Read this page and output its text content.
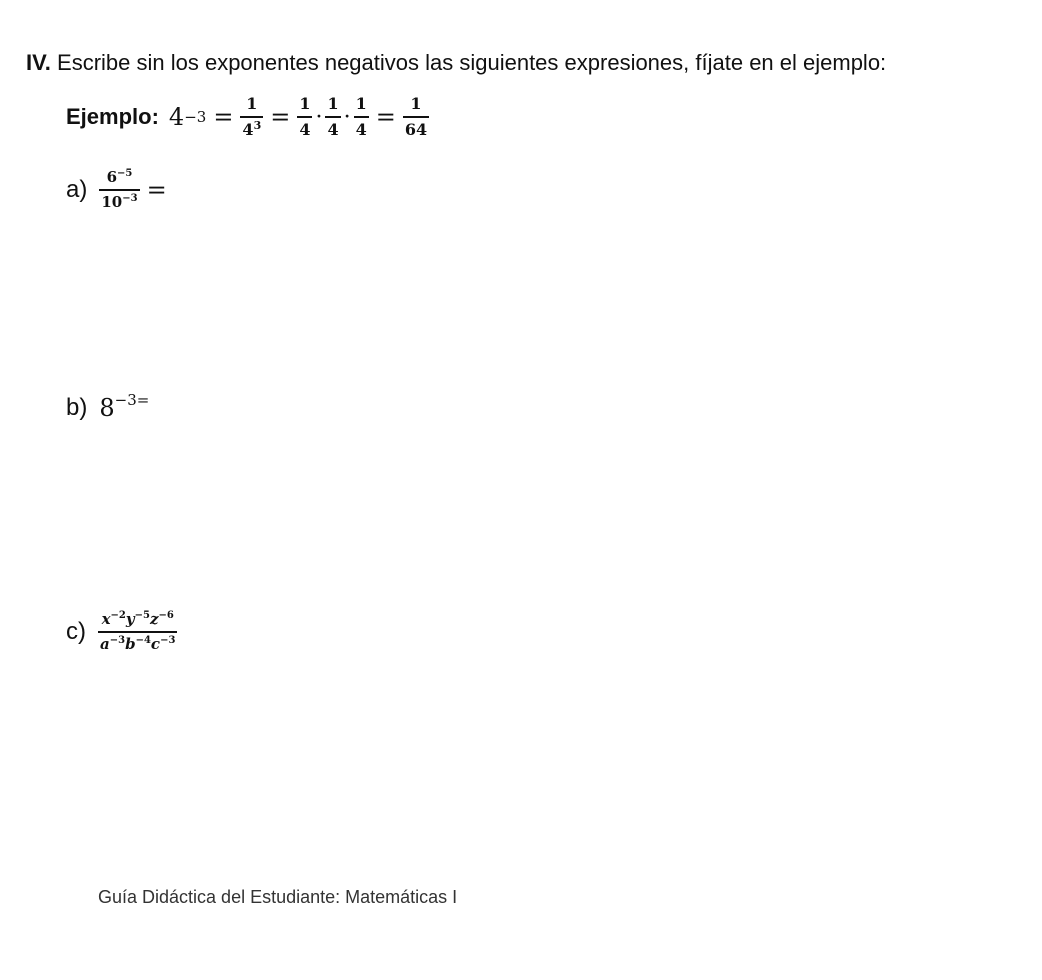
IV. Escribe sin los exponentes negativos las siguientes expresiones, fíjate en el ejemplo:
Ejemplo: $4 -3 = \frac{1}{4^3} = \frac{1}{4} \cdot \frac{1}{4} \cdot \frac{1}{4} = \frac{1}{64}$
$a) \frac{6^{-5}}{10^{-3}}$ =
b) $8^{-3=}$
$c) \frac{x^{-2}y^{-5}z^{-6}}{a^{-3}b^{-4}c^{-3}}$
Guía Didáctica del Estudiante: Matemáticas I
